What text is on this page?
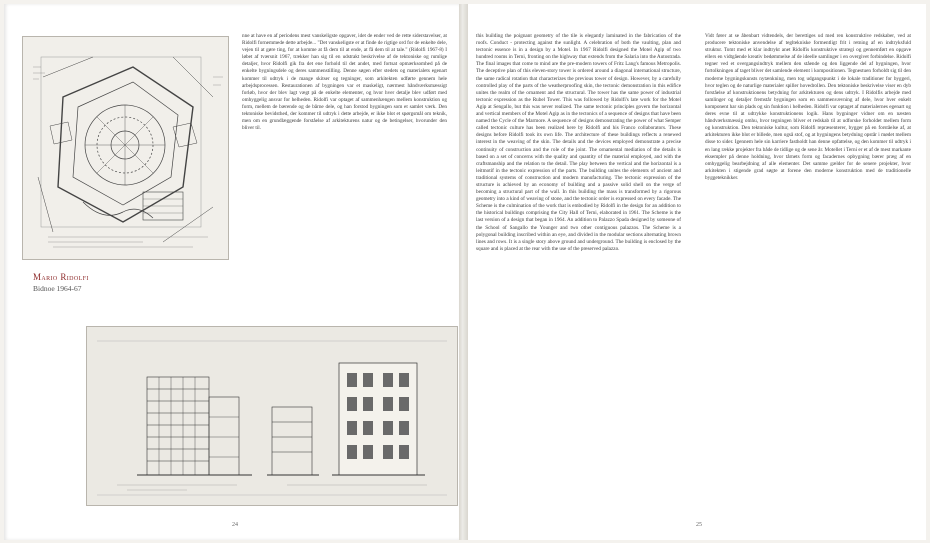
Mario Ridolfi

Bidnoe 1964-67

nne at have en af periodens mest vanskeligste opgaver, idet de ender ved de rette siderstavelser, at Ridolfi fornemmede dette arbejde... "Det vanskeligste er at finde de rigtige ord for de enkelte dele, vejen til at gøre ting, for at komme at få dem til at ende, at få dem til at tale." (Ridolfi 1967-8) I løbet af tværsnit 1967, trækker han sig til en udstrakt beskrivelse af de tektoniske og rumlige detaljer, hvor Ridolfi gik fra det ene forhold til det andet, med fortsat opmærksomhed på de enkelte bygningsdele og deres sammenstilling. Denne søgen efter stedets og materialets egenart kommer til udtryk i de mange skitser og tegninger, som arkitekten udførte gennem hele arbejdsprocessen. Restaurationen af bygningen var et maskeligt, nærmest håndværksmæssigt forløb, hvor der blev lagt vægt på de enkelte elementer, og hvor hver detalje blev udført med omhyggelig ansvar for helheden. Ridolfi var optaget af sammenhængen mellem konstruktion og form, mellem de bærende og de bårne dele, og han forstod bygningen som et samlet værk. Den tektoniske bevidsthed, der kommer til udtryk i dette arbejde, er ikke blot et spørgsmål om teknik, men om en grundlæggende forståelse af arkitekturens natur og de betingelser, hvorunder den bliver til.

24

this building the poignant geometry of the tile is elegantly laminated in the fabrication of the roofs. Conduct - protecting against the sunlight. A celebration of both the vaulting, plan and tectonic essence is in a design by a Motel. In 1967 Ridolfi designed the Motel Agip of two hundred rooms in Terni, fronting on the highway that extends from the Salaria into the Autostrada. The final images that come to mind are the pre-modern towers of Fritz Lang's famous Metropolis. The deceptive plan of this eleven-story tower is ordered around a diagonal international structure, the same radical rotation that characterizes the previous tower of design. However, by a carefully controlled play of the parts of the weatherproofing skin, the tectonic demonstration in this edifice unites the realm of the ornament and the structural. The tower has the same power of industrial tectonic expression as the Rubel Tower. This was followed by Ridolfi's late work for the Motel Agip at Sengallo, but this was never realized. The same tectonic principles govern the horizontal and vertical members of the Motel Agip as in the tectonics of a sequence of designs that have been named the Cycle of the Marmore. A sequence of designs demonstrating the power of what Semper called tectonic culture has been realized here by Ridolfi and his Franco collaborators. These designs before Ridolfi took its own life. The architecture of these buildings reflects a renewed interest in the weaving of the skin. The details and the devices employed demonstrate a precise continuity of construction and the role of the joint. The ornamental mediation of the details is based on a set of concerns with the quality and quantity of the material employed, and with the craftsmanship and the relation to the detail. The play between the vertical and the horizontal is a leitmotif in the tectonic expression of the parts. The building unites the elements of ancient and traditional systems of construction and modern manufacturing. The tectonic expression of the structure is achieved by an economy of building and a passive solid shell on the verge of becoming a structural part of the wall. In this building the mass is transformed by a rigorous geometry into a kind of weaving of stone, and the tectonic order is expressed on every facade. The Scheme is the culmination of the work that is embodied by Ridolfi in the design for an addition to the historical buildings comprising the City Hall of Terni, elaborated in 1961. The Scheme is the last version of a design that began in 1964. An addition to Palazzo Spada designed by someone of the School of Sangallo the Younger and two other contiguous palazzos. The Scheme is a polygonal building inscribed within an eye, and divided in the modular sections alternating brown lines and rows. It is a single story above ground and underground. The building is enclosed by the square and is placed at the rear with the use of the preserved palazzo.

Vidt fører at se åbenbart vidtendels, der berettiges ud med ren konstruktive redskaber, ved at producere tektoniske anvendelse af tegltekniske formentligt frit i retning af en indtryksfuld struktur. Tomt med et klar indtrykt anet Ridolfis konstruktive strategi og gennemført en opgave ellers en vidtgående kreativ bedømmelse af de ideelle samlinger i en overgivet forbindelse. Ridolfi tegner ved et overgangsindtryk mellem den stående og den liggende del af bygningen, hvor fortolkningen af taget bliver det samlende element i kompositionen. Tegnestuen forholdt sig til den moderne bygningskunsts nytænkning, men tog udgangspunkt i de lokale traditioner for byggeri, hvor teglen og de naturlige materialer spiller hovedrollen. Den tektoniske beskrivelse viser en dyb forståelse af konstruktionens betydning for arkitekturen og dens udtryk. I Ridolfis arbejde med samlinger og detaljer fremstår bygningen som en sammenvævning af dele, hvor hver enkelt komponent har sin plads og sin funktion i helheden. Ridolfi var optaget af materialernes egenart og deres evne til at udtrykke konstruktionens logik. Hans bygninger vidner om en næsten håndværksmæssig omhu, hvor tegningen bliver et redskab til at udforske forholdet mellem form og konstruktion. Den tektoniske kultur, som Ridolfi repræsenterer, bygger på en forståelse af, at arkitekturen ikke blot er billede, men også stof, og at bygningens betydning opstår i mødet mellem disse to sider. Igennem hele sin karriere fastholdt han denne opfattelse, og den kommer til udtryk i en lang række projekter fra både de tidlige og de sene år. Motellet i Terni er et af de mest markante eksempler på denne holdning, hvor tårnets form og facadernes opbygning bærer præg af en omhyggelig bearbejdning af alle elementer. Det samme gælder for de senere projekter, hvor arkitekten i stigende grad søgte at forene den moderne konstruktion med de traditionelle byggeteknikker.

25
